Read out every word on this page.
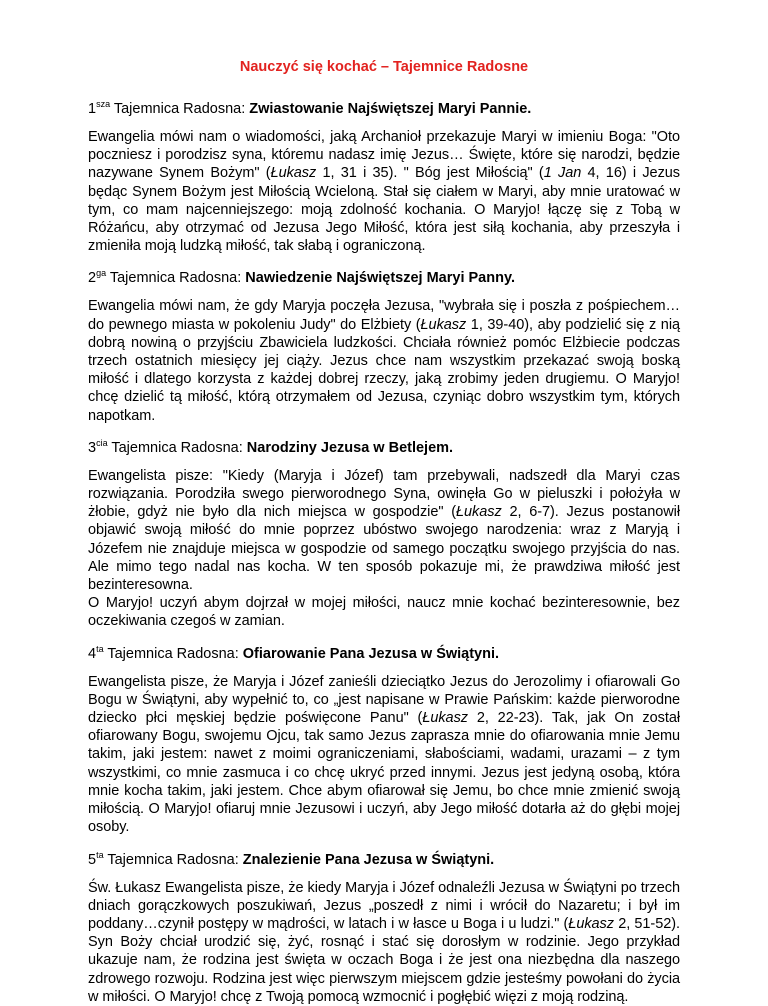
Nauczyć się kochać – Tajemnice Radosne
$1^{sza}$ Tajemnica Radosna: Zwiastowanie Najświętszej Maryi Pannie.

Ewangelia mówi nam o wiadomości, jaką Archanioł przekazuje Maryi w imieniu Boga: "Oto poczniesz i porodzisz syna, któremu nadasz imię Jezus… Święte, które się narodzi, będzie nazywane Synem Bożym" (Łukasz 1, 31 i 35). " Bóg jest Miłością" (1 Jan 4, 16) i Jezus będąc Synem Bożym jest Miłością Wcieloną. Stał się ciałem w Maryi, aby mnie uratować w tym, co mam najcenniejszego: moją zdolność kochania. O Maryjo! łączę się z Tobą w Różańcu, aby otrzymać od Jezusa Jego Miłość, która jest siłą kochania, aby przeszyła i zmieniła moją ludzką miłość, tak słabą i ograniczoną.

$2^{ga}$ Tajemnica Radosna: Nawiedzenie Najświętszej Maryi Panny.

Ewangelia mówi nam, że gdy Maryja poczęła Jezusa, "wybrała się i poszła z pośpiechem… do pewnego miasta w pokoleniu Judy" do Elżbiety (Łukasz 1, 39-40), aby podzielić się z nią dobrą nowiną o przyjściu Zbawiciela ludzkości. Chciała również pomóc Elżbiecie podczas trzech ostatnich miesięcy jej ciąży. Jezus chce nam wszystkim przekazać swoją boską miłość i dlatego korzysta z każdej dobrej rzeczy, jaką zrobimy jeden drugiemu. O Maryjo! chcę dzielić tą miłość, którą otrzymałem od Jezusa, czyniąc dobro wszystkim tym, których napotkam.

$3^{cia}$ Tajemnica Radosna: Narodziny Jezusa w Betlejem.

Ewangelista pisze: "Kiedy (Maryja i Józef) tam przebywali, nadszedł dla Maryi czas rozwiązania. Porodziła swego pierworodnego Syna, owinęła Go w pieluszki i położyła w żłobie, gdyż nie było dla nich miejsca w gospodzie" (Łukasz 2, 6-7). Jezus postanowił objawić swoją miłość do mnie poprzez ubóstwo swojego narodzenia: wraz z Maryją i Józefem nie znajduje miejsca w gospodzie od samego początku swojego przyjścia do nas. Ale mimo tego nadal nas kocha. W ten sposób pokazuje mi, że prawdziwa miłość jest bezinteresowna.

O Maryjo! uczyń abym dojrzał w mojej miłości, naucz mnie kochać bezinteresownie, bez oczekiwania czegoś w zamian.

$4^{ta}$ Tajemnica Radosna: Ofiarowanie Pana Jezusa w Świątyni.

Ewangelista pisze, że Maryja i Józef zanieśli dzieciątko Jezus do Jerozolimy i ofiarowali Go Bogu w Świątyni, aby wypełnić to, co „jest napisane w Prawie Pańskim: każde pierworodne dziecko płci męskiej będzie poświęcone Panu" (Łukasz 2, 22-23). Tak, jak On został ofiarowany Bogu, swojemu Ojcu, tak samo Jezus zaprasza mnie do ofiarowania mnie Jemu takim, jaki jestem: nawet z moimi ograniczeniami, słabościami, wadami, urazami – z tym wszystkimi, co mnie zasmuca i co chcę ukryć przed innymi. Jezus jest jedyną osobą, która mnie kocha takim, jaki jestem. Chce abym ofiarował się Jemu, bo chce mnie zmienić swoją miłością. O Maryjo! ofiaruj mnie Jezusowi i uczyń, aby Jego miłość dotarła aż do głębi mojej osoby.

$5^{ta}$ Tajemnica Radosna: Znalezienie Pana Jezusa w Świątyni.

Św. Łukasz Ewangelista pisze, że kiedy Maryja i Józef odnaleźli Jezusa w Świątyni po trzech dniach gorączkowych poszukiwań, Jezus „poszedł z nimi i wrócił do Nazaretu; i był im poddany…czynił postępy w mądrości, w latach i w łasce u Boga i u ludzi." (Łukasz 2, 51-52). Syn Boży chciał urodzić się, żyć, rosnąć i stać się dorosłym w rodzinie. Jego przykład ukazuje nam, że rodzina jest święta w oczach Boga i że jest ona niezbędna dla naszego zdrowego rozwoju. Rodzina jest więc pierwszym miejscem gdzie jesteśmy powołani do życia w miłości. O Maryjo! chcę z Twoją pomocą wzmocnić i pogłębić więzi z moją rodziną.
